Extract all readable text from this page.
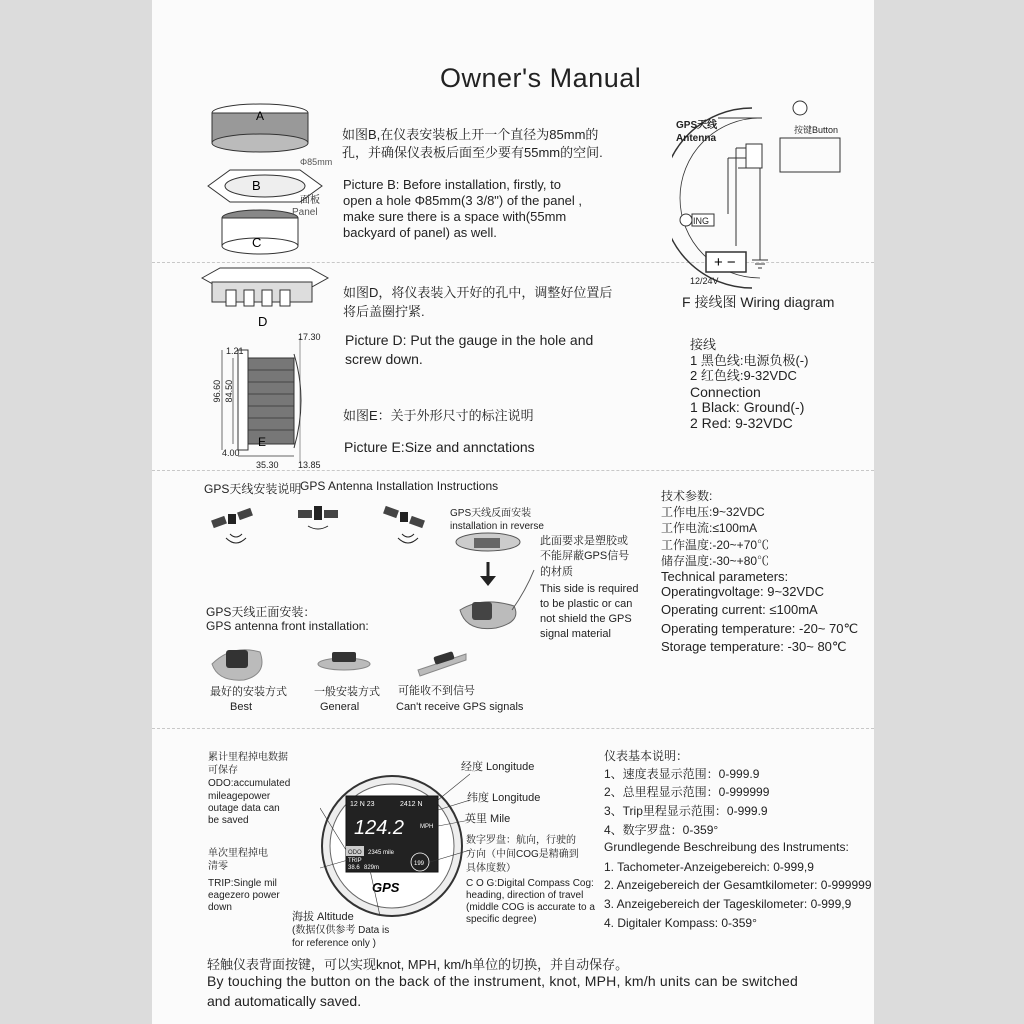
Owner's Manual
A
B
C
D
Φ85mm
面板
Panel
如图B,在仪表安装板上开一个直径为85mm的
孔，并确保仪表板后面至少要有55mm的空间.
Picture B: Before installation, firstly, to
open a hole Φ85mm(3 3/8") of the panel ,
make sure there is a space with(55mm
backyard of panel) as well.
如图D，将仪表装入开好的孔中，调整好位置后
将后盖圈拧紧.
Picture D: Put the gauge in the hole and
screw down.
E
17.30
1.21
96.60 84.50
4.00
35.30 13.85
如图E：关于外形尺寸的标注说明
Picture E:Size and annctations
+ −
GPS天线
Antenna
按键 Button
ING
12/24V
F 接线图 Wiring diagram
接线
1 黑色线:电源负极(-)
2 红色线:9-32VDC
Connection
1 Black: Ground(-)
2 Red: 9-32VDC
GPS天线安装说明
GPS Antenna Installation Instructions
GPS天线反面安装
installation in reverse
此面要求是塑胶或
不能屏蔽GPS信号
的材质
This side is required
to be plastic or can
not shield the GPS
signal material
GPS天线正面安装：
GPS antenna front installation:
最好的安装方式
Best
一般安装方式
General
可能收不到信号
Can't receive GPS signals
技术参数:
工作电压:9~32VDC
工作电流:≤100mA
工作温度:-20~+70℃
储存温度:-30~+80℃
Technical parameters:
Operatingvoltage: 9~32VDC
Operating current: ≤100mA
Operating temperature: -20~ 70℃
Storage temperature: -30~ 80℃
累计里程掉电数据
可保存
ODO:accumulated
mileagepower
outage data can
be saved
单次里程掉电
清零
TRIP:Single mil
eagezero power
down
12 N 23	2412 N
124.2	MPH
ODO 2345 mile
TRIP
38.6 829m
199
GPS
经度 Longitude
纬度 Longitude
英里 Mile
数字罗盘：航向，行驶的
方向（中间COG是精确到
具体度数）
C O G:Digital Compass Cog:
heading, direction of travel
(middle COG is accurate to a
specific degree)
海拔 Altitude
(数据仅供参考 Data is
for reference only )
仪表基本说明：
1、速度表显示范围：0-999.9
2、总里程显示范围：0-999999
3、Trip里程显示范围：0-999.9
4、数字罗盘：0-359°
Grundlegende Beschreibung des Instruments:
1. Tachometer-Anzeigebereich: 0-999,9
2. Anzeigebereich der Gesamtkilometer: 0-999999
3. Anzeigebereich der Tageskilometer: 0-999,9
4. Digitaler Kompass: 0-359°
轻触仪表背面按键，可以实现knot, MPH, km/h单位的切换，并自动保存。
By touching the button on the back of the instrument, knot, MPH, km/h units can be switched
and automatically saved.
